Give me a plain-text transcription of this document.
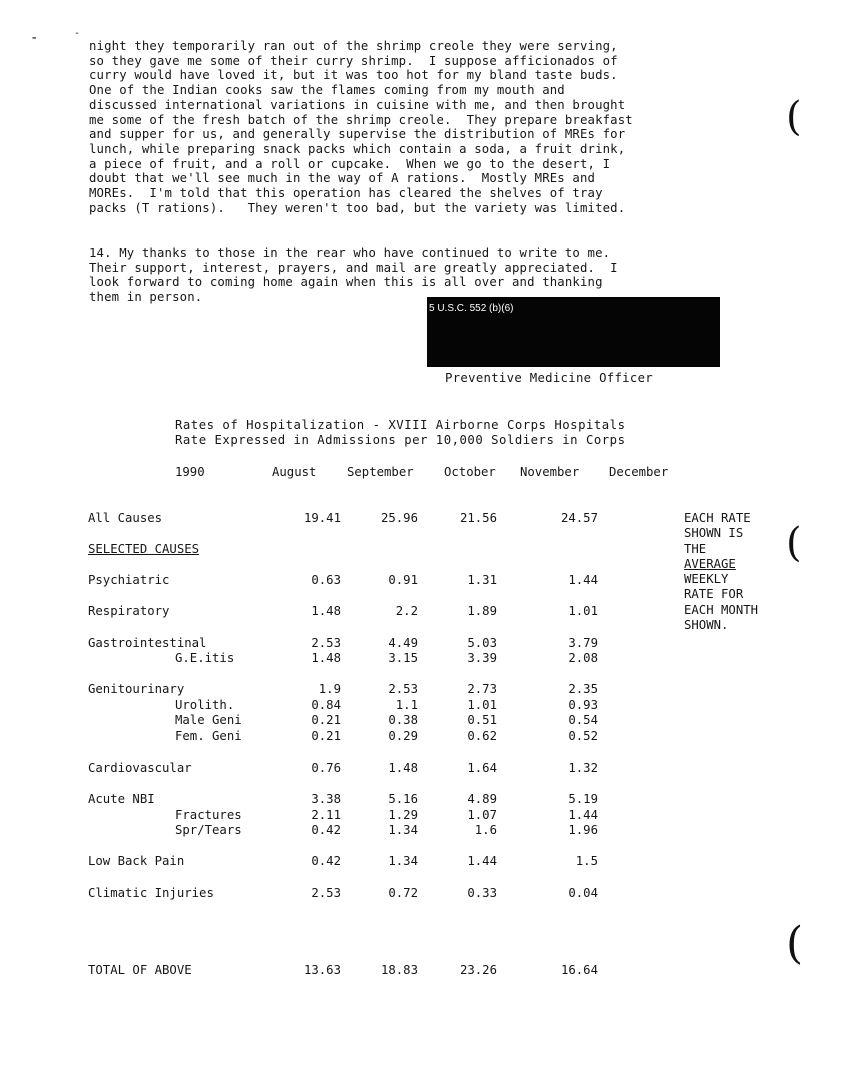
-	-
night they temporarily ran out of the shrimp creole they were serving,
so they gave me some of their curry shrimp.  I suppose afficionados of
curry would have loved it, but it was too hot for my bland taste buds.
One of the Indian cooks saw the flames coming from my mouth and
discussed international variations in cuisine with me, and then brought
me some of the fresh batch of the shrimp creole.  They prepare breakfast
and supper for us, and generally supervise the distribution of MREs for
lunch, while preparing snack packs which contain a soda, a fruit drink,
a piece of fruit, and a roll or cupcake.  When we go to the desert, I
doubt that we'll see much in the way of A rations.  Mostly MREs and
MOREs.  I'm told that this operation has cleared the shelves of tray
packs (T rations).   They weren't too bad, but the variety was limited.
14. My thanks to those in the rear who have continued to write to me.
Their support, interest, prayers, and mail are greatly appreciated.  I
look forward to coming home again when this is all over and thanking
them in person.
5 U.S.C. 552 (b)(6)
Preventive Medicine Officer
(
(
(
Rates of Hospitalization - XVIII Airborne Corps Hospitals
Rate Expressed in Admissions per 10,000 Soldiers in Corps
1990	August September October November December
All Causes	19.41	25.96	21.56	24.57
SELECTED CAUSES
Psychiatric	0.63	0.91	1.31	1.44
Respiratory	1.48	2.2	1.89	1.01
Gastrointestinal	2.53	4.49	5.03	3.79
G.E.itis	1.48	3.15	3.39	2.08
Genitourinary	1.9	2.53	2.73	2.35
Urolith.	0.84	1.1	1.01	0.93
Male Geni	0.21	0.38	0.51	0.54
Fem. Geni	0.21	0.29	0.62	0.52
Cardiovascular	0.76	1.48	1.64	1.32
Acute NBI	3.38	5.16	4.89	5.19
Fractures	2.11	1.29	1.07	1.44
Spr/Tears	0.42	1.34	1.6	1.96
Low Back Pain	0.42	1.34	1.44	1.5
Climatic Injuries	2.53	0.72	0.33	0.04
TOTAL OF ABOVE	13.63	18.83	23.26	16.64
EACH RATE
SHOWN IS
THE
AVERAGE
WEEKLY
RATE FOR
EACH MONTH
SHOWN.
